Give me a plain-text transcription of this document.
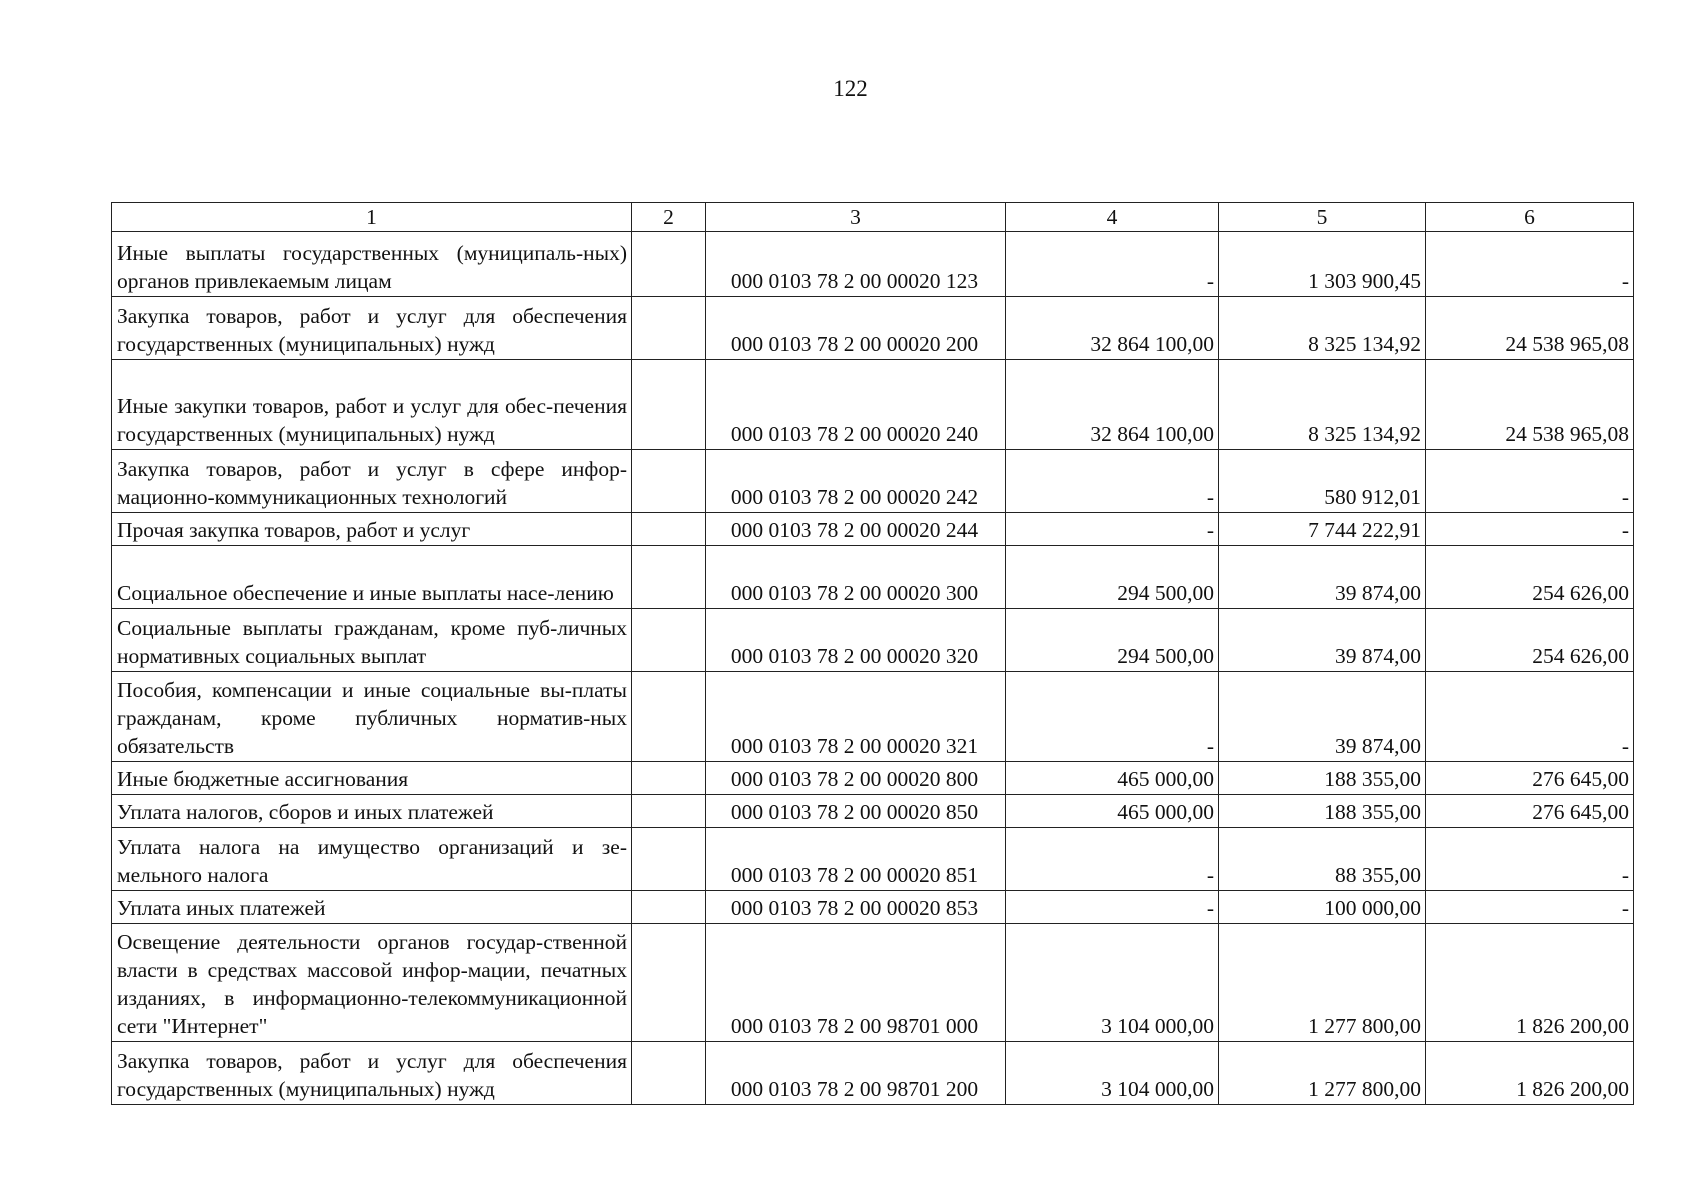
122
1	2	3	4	5	6
Иные выплаты государственных (муниципаль-ных) органов привлекаемым лицам		000 0103 78 2 00 00020 123	-	1 303 900,45	-
Закупка товаров, работ и услуг для обеспечения государственных (муниципальных) нужд		000 0103 78 2 00 00020 200	32 864 100,00	8 325 134,92	24 538 965,08
Иные закупки товаров, работ и услуг для обес-печения государственных (муниципальных) нужд		000 0103 78 2 00 00020 240	32 864 100,00	8 325 134,92	24 538 965,08
Закупка товаров, работ и услуг в сфере инфор-мационно-коммуникационных технологий		000 0103 78 2 00 00020 242	-	580 912,01	-
Прочая закупка товаров, работ и услуг		000 0103 78 2 00 00020 244	-	7 744 222,91	-
Социальное обеспечение и иные выплаты насе-лению		000 0103 78 2 00 00020 300	294 500,00	39 874,00	254 626,00
Социальные выплаты гражданам, кроме пуб-личных нормативных социальных выплат		000 0103 78 2 00 00020 320	294 500,00	39 874,00	254 626,00
Пособия, компенсации и иные социальные вы-платы гражданам, кроме публичных норматив-ных обязательств		000 0103 78 2 00 00020 321	-	39 874,00	-
Иные бюджетные ассигнования		000 0103 78 2 00 00020 800	465 000,00	188 355,00	276 645,00
Уплата налогов, сборов и иных платежей		000 0103 78 2 00 00020 850	465 000,00	188 355,00	276 645,00
Уплата налога на имущество организаций и зе-мельного налога		000 0103 78 2 00 00020 851	-	88 355,00	-
Уплата иных платежей		000 0103 78 2 00 00020 853	-	100 000,00	-
Освещение деятельности органов государ-ственной власти в средствах массовой инфор-мации, печатных изданиях, в информационно-телекоммуникационной сети "Интернет"		000 0103 78 2 00 98701 000	3 104 000,00	1 277 800,00	1 826 200,00
Закупка товаров, работ и услуг для обеспечения государственных (муниципальных) нужд		000 0103 78 2 00 98701 200	3 104 000,00	1 277 800,00	1 826 200,00
